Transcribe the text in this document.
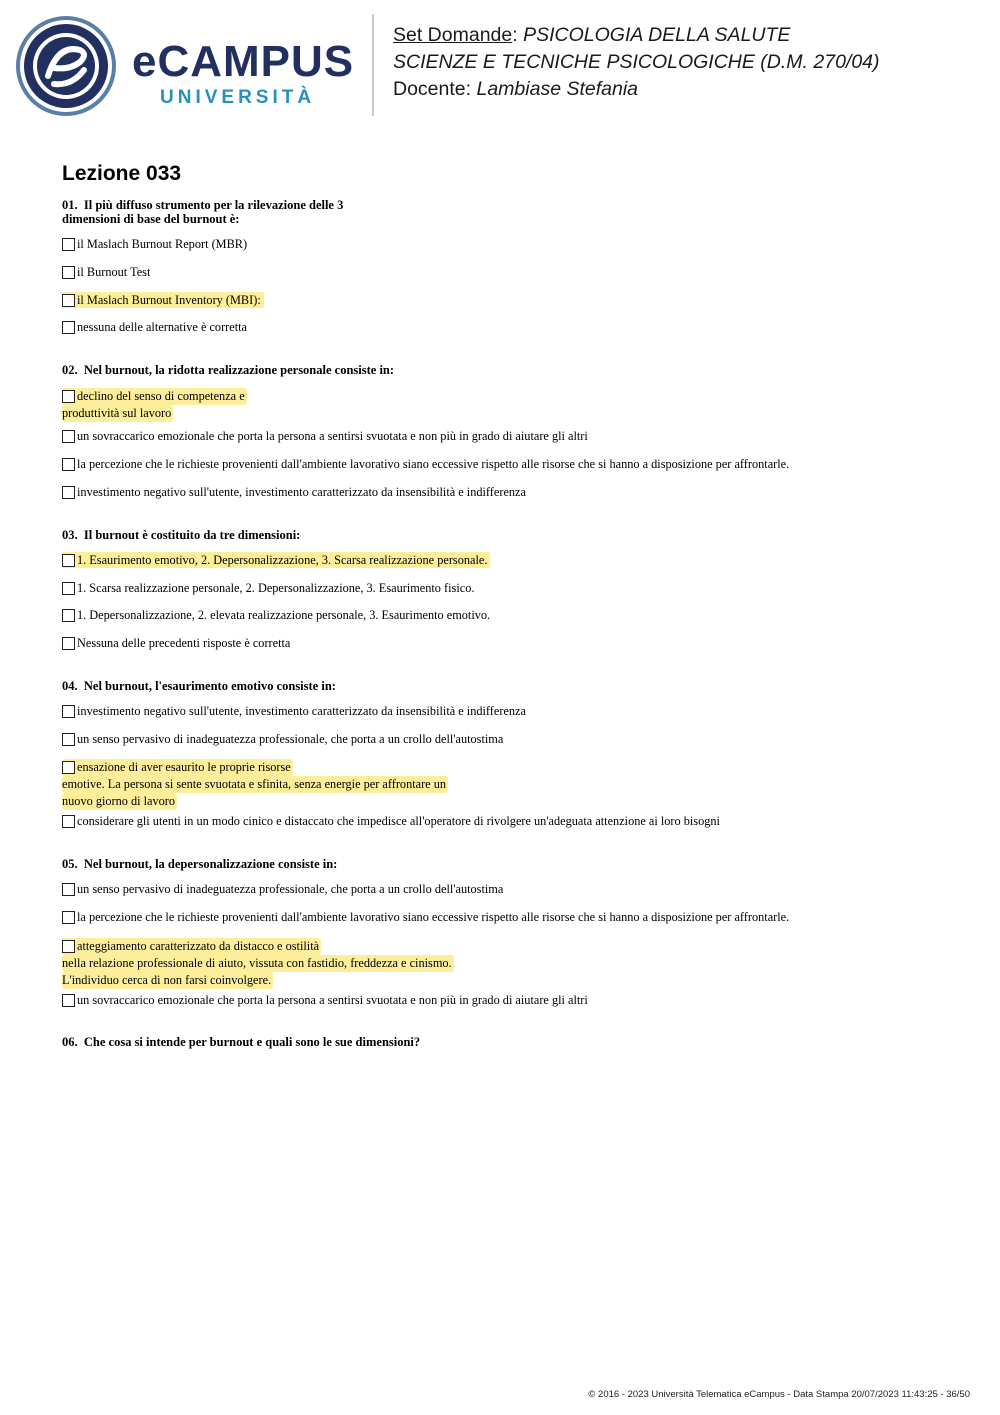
eCAMPUS
UNIVERSITÀ
Set Domande: PSICOLOGIA DELLA SALUTE
SCIENZE E TECNICHE PSICOLOGICHE (D.M. 270/04)
Docente: Lambiase Stefania
Lezione 033
01. Il più diffuso strumento per la rilevazione delle 3
dimensioni di base del burnout è:
il Maslach Burnout Report (MBR)
il Burnout Test
il Maslach Burnout Inventory (MBI):
nessuna delle alternative è corretta
02. Nel burnout, la ridotta realizzazione personale consiste in:
declino del senso di competenza e
produttività sul lavoro
un sovraccarico emozionale che porta la persona a sentirsi svuotata e non più in grado di aiutare gli altri
la percezione che le richieste provenienti dall'ambiente lavorativo siano eccessive rispetto alle risorse che si hanno a disposizione per affrontarle.
investimento negativo sull'utente, investimento caratterizzato da insensibilità e indifferenza
03. Il burnout è costituito da tre dimensioni:
1. Esaurimento emotivo, 2. Depersonalizzazione, 3. Scarsa realizzazione personale.
1. Scarsa realizzazione personale, 2. Depersonalizzazione, 3. Esaurimento fisico.
1. Depersonalizzazione, 2. elevata realizzazione personale, 3. Esaurimento emotivo.
Nessuna delle precedenti risposte è corretta
04. Nel burnout, l'esaurimento emotivo consiste in:
investimento negativo sull'utente, investimento caratterizzato da insensibilità e indifferenza
un senso pervasivo di inadeguatezza professionale, che porta a un crollo dell'autostima
ensazione di aver esaurito le proprie risorse
emotive. La persona si sente svuotata e sfinita, senza energie per affrontare un
nuovo giorno di lavoro
considerare gli utenti in un modo cinico e distaccato che impedisce all'operatore di rivolgere un'adeguata attenzione ai loro bisogni
05. Nel burnout, la depersonalizzazione consiste in:
un senso pervasivo di inadeguatezza professionale, che porta a un crollo dell'autostima
la percezione che le richieste provenienti dall'ambiente lavorativo siano eccessive rispetto alle risorse che si hanno a disposizione per affrontarle.
atteggiamento caratterizzato da distacco e ostilità
nella relazione professionale di aiuto, vissuta con fastidio, freddezza e cinismo.
L'individuo cerca di non farsi coinvolgere.
un sovraccarico emozionale che porta la persona a sentirsi svuotata e non più in grado di aiutare gli altri
06. Che cosa si intende per burnout e quali sono le sue dimensioni?
© 2016 - 2023 Università Telematica eCampus - Data Stampa 20/07/2023 11:43:25 - 36/50
